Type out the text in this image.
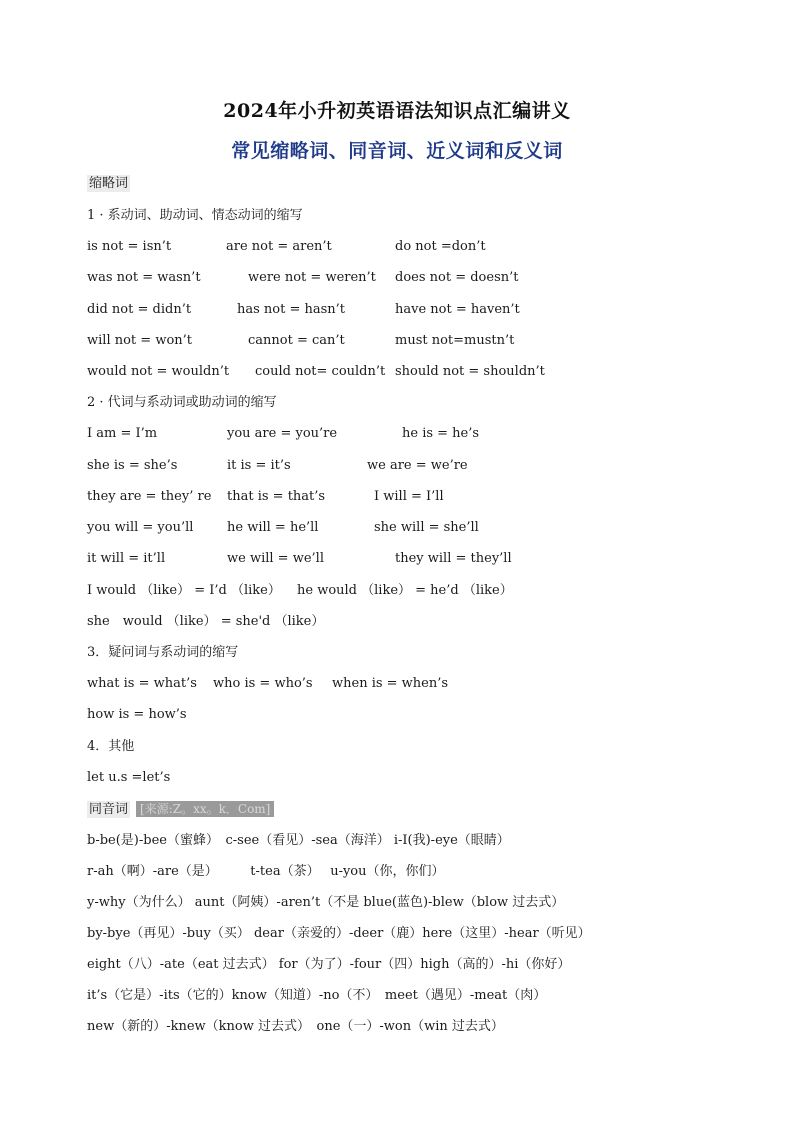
2024年小升初英语语法知识点汇编讲义
常见缩略词、同音词、近义词和反义词
缩略词
1 · 系动词、助动词、情态动词的缩写
is not = isn’t	are not = aren’t	do not =don’t
was not = wasn’t	were not = weren’t does not = doesn’t
did not = didn’t	has not = hasn’t	have not = haven’t
will not = won’t	cannot = can’t	must not=mustn’t
would not = wouldn’t could not= couldn’t should not = shouldn’t
2 · 代词与系动词或助动词的缩写
I am = I’m	you are = you’re	he is = he’s
she is = she’s	it is = it’s	we are = we’re
they are = they’ re that is = that’s	I will = I’ll
you will = you’ll	he will = he’ll	she will = she’ll
it will = it’ll	we will = we’ll	they will = they’ll
I would （like） = I’d （like） he would （like） = he’d （like）
she　would （like） = she'd （like）
3．疑问词与系动词的缩写
what is = what’s who is = who’s when is = when’s
how is = how’s
4．其他
let u.s =let’s
同音词 [来源:Z。xx。k．Com]
b-be(是)-bee（蜜蜂）　c-see（看见）-sea（海洋） i-I(我)-eye（眼睛）
r-ah（啊）-are（是）　　　t-tea（茶）　 u-you（你，你们）
y-why（为什么） aunt（阿姨）-aren’t（不是 blue(蓝色)-blew（blow 过去式）
by-bye（再见）-buy（买） dear（亲爱的）-deer（鹿）here（这里）-hear（听见）
eight（八）-ate（eat 过去式） for（为了）-four（四）high（高的）-hi（你好）
it’s（它是）-its（它的）know（知道）-no（不）　meet（遇见）-meat（肉）
new（新的）-knew（know 过去式）　one（一）-won（win 过去式）
